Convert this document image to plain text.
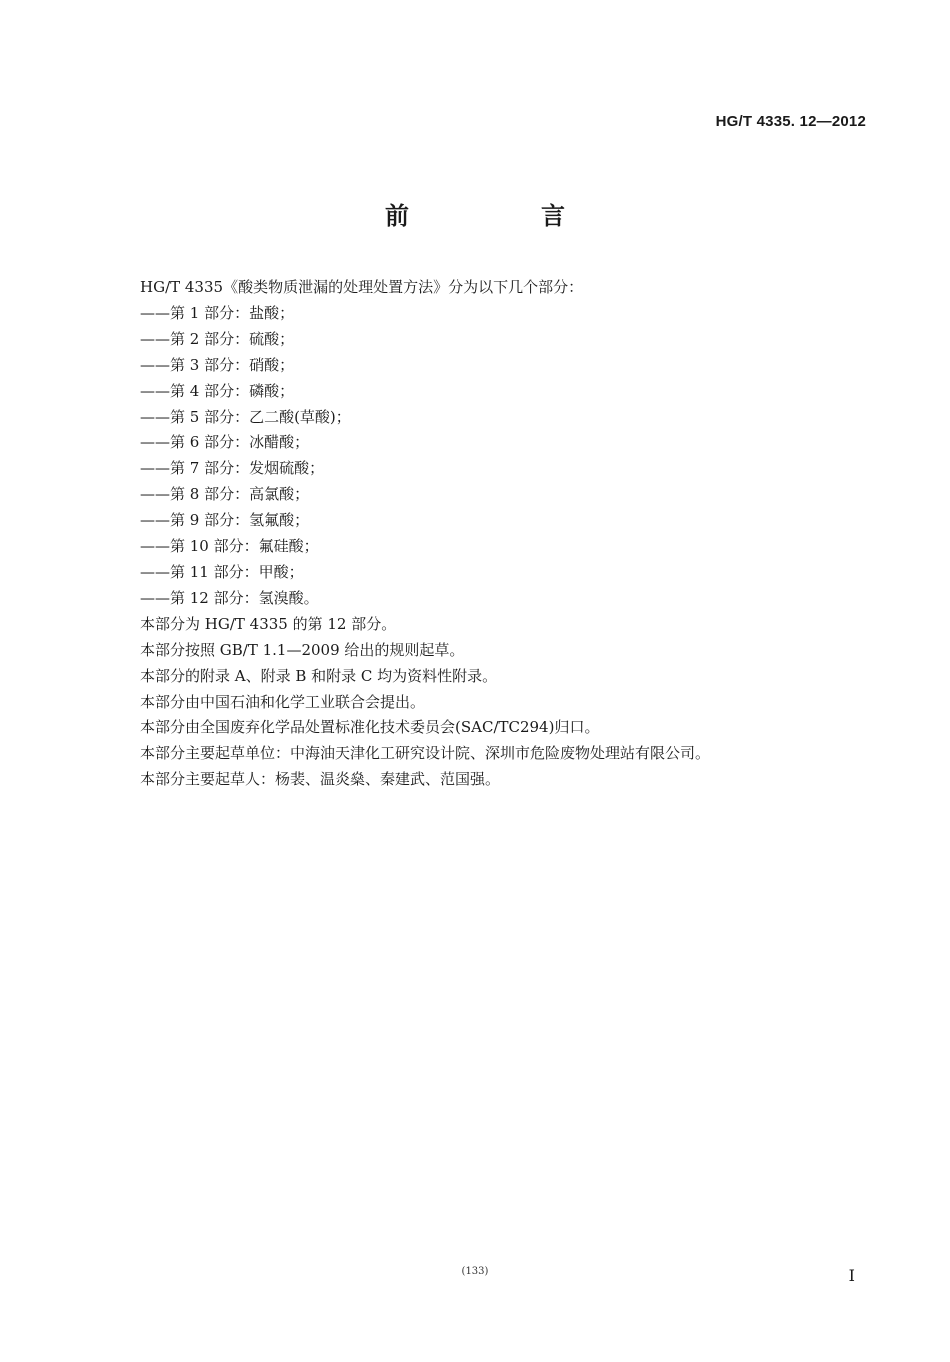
HG/T 4335. 12—2012
前　言
HG/T 4335《酸类物质泄漏的处理处置方法》分为以下几个部分：
——第 1 部分：盐酸；
——第 2 部分：硫酸；
——第 3 部分：硝酸；
——第 4 部分：磷酸；
——第 5 部分：乙二酸(草酸)；
——第 6 部分：冰醋酸；
——第 7 部分：发烟硫酸；
——第 8 部分：高氯酸；
——第 9 部分：氢氟酸；
——第 10 部分：氟硅酸；
——第 11 部分：甲酸；
——第 12 部分：氢溴酸。
本部分为 HG/T 4335 的第 12 部分。
本部分按照 GB/T 1.1—2009 给出的规则起草。
本部分的附录 A、附录 B 和附录 C 均为资料性附录。
本部分由中国石油和化学工业联合会提出。
本部分由全国废弃化学品处置标准化技术委员会(SAC/TC294)归口。
本部分主要起草单位：中海油天津化工研究设计院、深圳市危险废物处理站有限公司。
本部分主要起草人：杨裴、温炎燊、秦建武、范国强。
(133)	I
